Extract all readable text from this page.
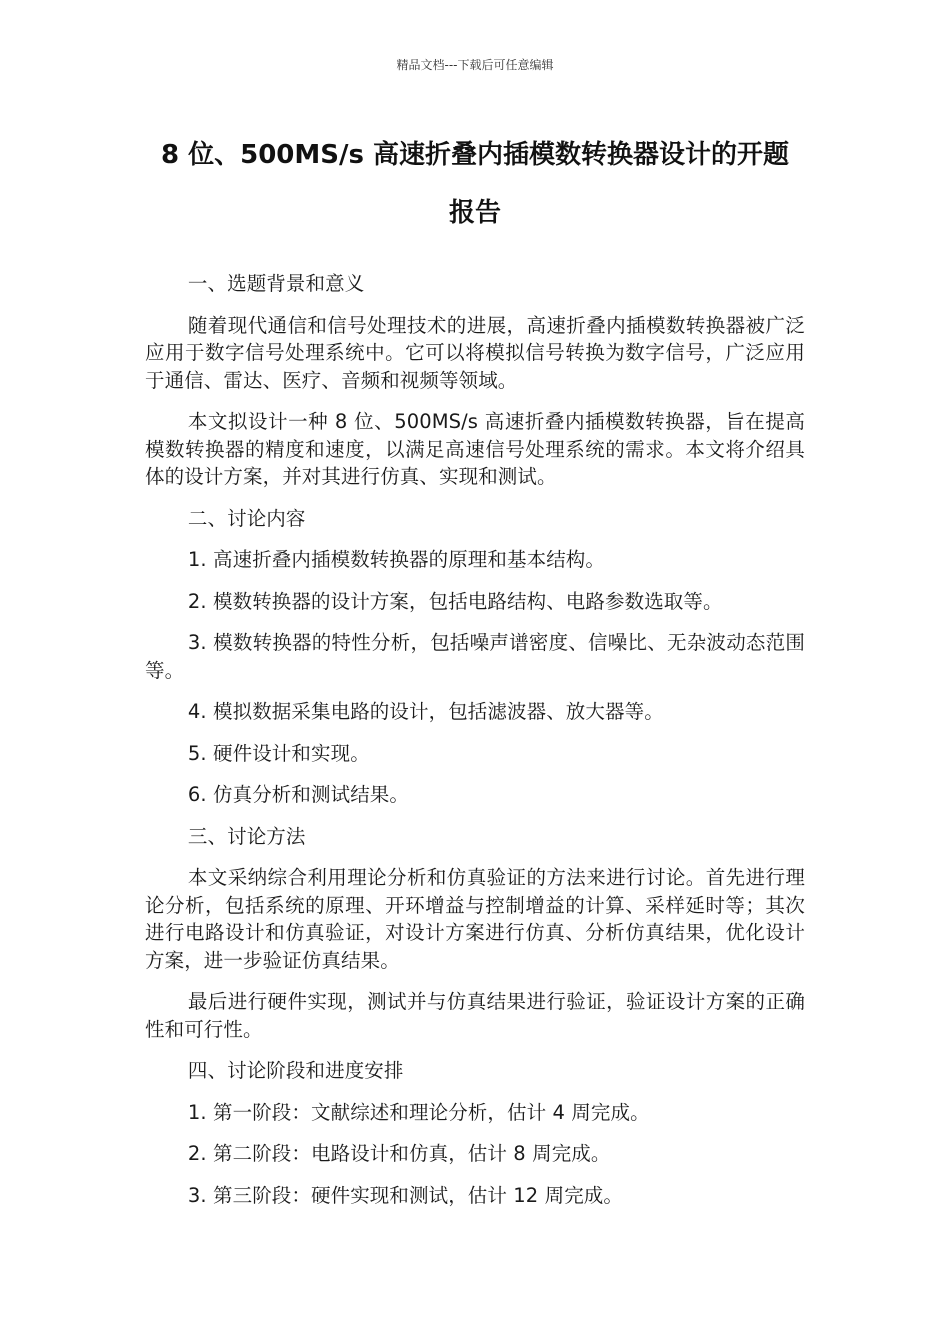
精品文档---下载后可任意编辑
8 位、500MS/s 高速折叠内插模数转换器设计的开题
报告

一、选题背景和意义

随着现代通信和信号处理技术的进展，高速折叠内插模数转换器被广泛应用于数字信号处理系统中。它可以将模拟信号转换为数字信号，广泛应用于通信、雷达、医疗、音频和视频等领域。

本文拟设计一种 8 位、500MS/s 高速折叠内插模数转换器，旨在提高模数转换器的精度和速度，以满足高速信号处理系统的需求。本文将介绍具体的设计方案，并对其进行仿真、实现和测试。

二、讨论内容

1. 高速折叠内插模数转换器的原理和基本结构。

2. 模数转换器的设计方案，包括电路结构、电路参数选取等。

3. 模数转换器的特性分析，包括噪声谱密度、信噪比、无杂波动态范围等。

4. 模拟数据采集电路的设计，包括滤波器、放大器等。

5. 硬件设计和实现。

6. 仿真分析和测试结果。

三、讨论方法

本文采纳综合利用理论分析和仿真验证的方法来进行讨论。首先进行理论分析，包括系统的原理、开环增益与控制增益的计算、采样延时等；其次进行电路设计和仿真验证，对设计方案进行仿真、分析仿真结果，优化设计方案，进一步验证仿真结果。

最后进行硬件实现，测试并与仿真结果进行验证，验证设计方案的正确性和可行性。

四、讨论阶段和进度安排

1. 第一阶段：文献综述和理论分析，估计 4 周完成。

2. 第二阶段：电路设计和仿真，估计 8 周完成。

3. 第三阶段：硬件实现和测试，估计 12 周完成。
